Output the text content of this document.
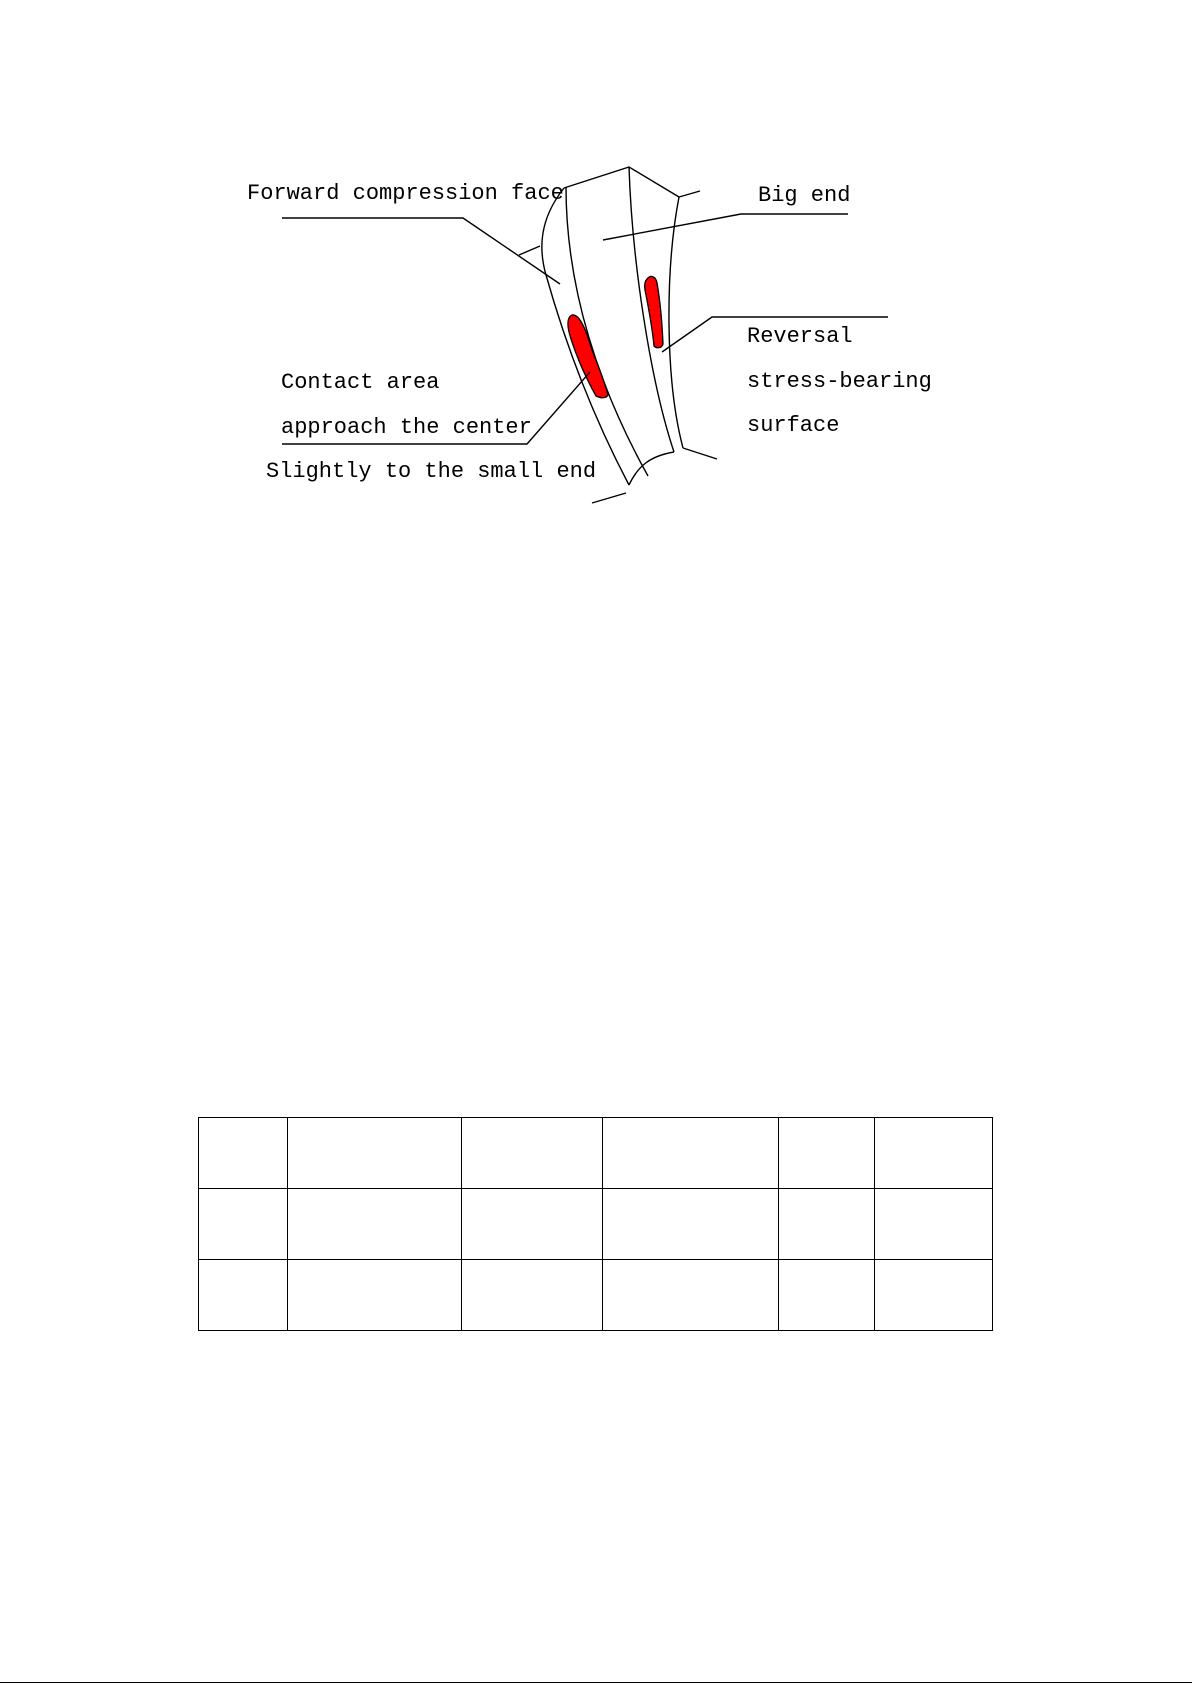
Forward compression face	Big end
Reversal
stress-bearing
surface
Contact area
approach the center
Slightly to the small end
